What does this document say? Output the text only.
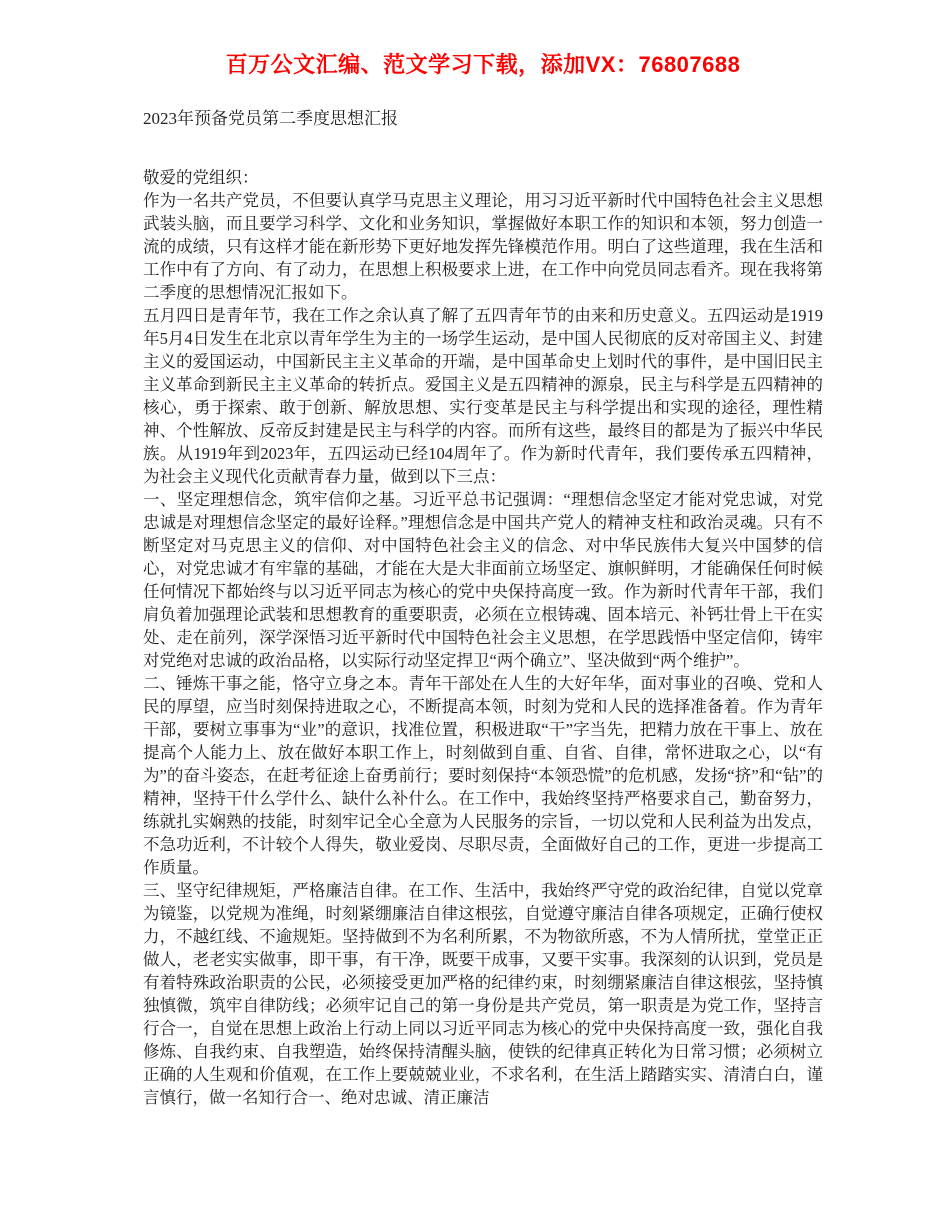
百万公文汇编、范文学习下载，添加VX：76807688
2023年预备党员第二季度思想汇报

敬爱的党组织：

作为一名共产党员，不但要认真学马克思主义理论，用习习近平新时代中国特色社会主义思想武装头脑，而且要学习科学、文化和业务知识，掌握做好本职工作的知识和本领，努力创造一流的成绩，只有这样才能在新形势下更好地发挥先锋模范作用。明白了这些道理，我在生活和工作中有了方向、有了动力，在思想上积极要求上进，在工作中向党员同志看齐。现在我将第二季度的思想情况汇报如下。

五月四日是青年节，我在工作之余认真了解了五四青年节的由来和历史意义。五四运动是1919年5月4日发生在北京以青年学生为主的一场学生运动，是中国人民彻底的反对帝国主义、封建主义的爱国运动，中国新民主主义革命的开端，是中国革命史上划时代的事件，是中国旧民主主义革命到新民主主义革命的转折点。爱国主义是五四精神的源泉，民主与科学是五四精神的核心，勇于探索、敢于创新、解放思想、实行变革是民主与科学提出和实现的途径，理性精神、个性解放、反帝反封建是民主与科学的内容。而所有这些，最终目的都是为了振兴中华民族。从1919年到2023年，五四运动已经104周年了。作为新时代青年，我们要传承五四精神，为社会主义现代化贡献青春力量，做到以下三点：

一、坚定理想信念，筑牢信仰之基。习近平总书记强调：“理想信念坚定才能对党忠诚，对党忠诚是对理想信念坚定的最好诠释。”理想信念是中国共产党人的精神支柱和政治灵魂。只有不断坚定对马克思主义的信仰、对中国特色社会主义的信念、对中华民族伟大复兴中国梦的信心，对党忠诚才有牢靠的基础，才能在大是大非面前立场坚定、旗帜鲜明，才能确保任何时候任何情况下都始终与以习近平同志为核心的党中央保持高度一致。作为新时代青年干部，我们肩负着加强理论武装和思想教育的重要职责，必须在立根铸魂、固本培元、补钙壮骨上干在实处、走在前列，深学深悟习近平新时代中国特色社会主义思想，在学思践悟中坚定信仰，铸牢对党绝对忠诚的政治品格，以实际行动坚定捍卫“两个确立”、坚决做到“两个维护”。

二、锤炼干事之能，恪守立身之本。青年干部处在人生的大好年华，面对事业的召唤、党和人民的厚望，应当时刻保持进取之心，不断提高本领，时刻为党和人民的选择准备着。作为青年干部，要树立事事为“业”的意识，找准位置，积极进取“干”字当先，把精力放在干事上、放在提高个人能力上、放在做好本职工作上，时刻做到自重、自省、自律，常怀进取之心，以“有为”的奋斗姿态，在赶考征途上奋勇前行；要时刻保持“本领恐慌”的危机感，发扬“挤”和“钻”的精神，坚持干什么学什么、缺什么补什么。在工作中，我始终坚持严格要求自己，勤奋努力，练就扎实娴熟的技能，时刻牢记全心全意为人民服务的宗旨，一切以党和人民利益为出发点，不急功近利，不计较个人得失，敬业爱岗、尽职尽责，全面做好自己的工作，更进一步提高工作质量。

三、坚守纪律规矩，严格廉洁自律。在工作、生活中，我始终严守党的政治纪律，自觉以党章为镜鉴，以党规为准绳，时刻紧绷廉洁自律这根弦，自觉遵守廉洁自律各项规定，正确行使权力，不越红线、不逾规矩。坚持做到不为名利所累，不为物欲所惑，不为人情所扰，堂堂正正做人，老老实实做事，即干事，有干净，既要干成事，又要干实事。我深刻的认识到，党员是有着特殊政治职责的公民，必须接受更加严格的纪律约束，时刻绷紧廉洁自律这根弦，坚持慎独慎微，筑牢自律防线；必须牢记自己的第一身份是共产党员，第一职责是为党工作，坚持言行合一，自觉在思想上政治上行动上同以习近平同志为核心的党中央保持高度一致，强化自我修炼、自我约束、自我塑造，始终保持清醒头脑，使铁的纪律真正转化为日常习惯；必须树立正确的人生观和价值观，在工作上要兢兢业业，不求名利，在生活上踏踏实实、清清白白，谨言慎行，做一名知行合一、绝对忠诚、清正廉洁
